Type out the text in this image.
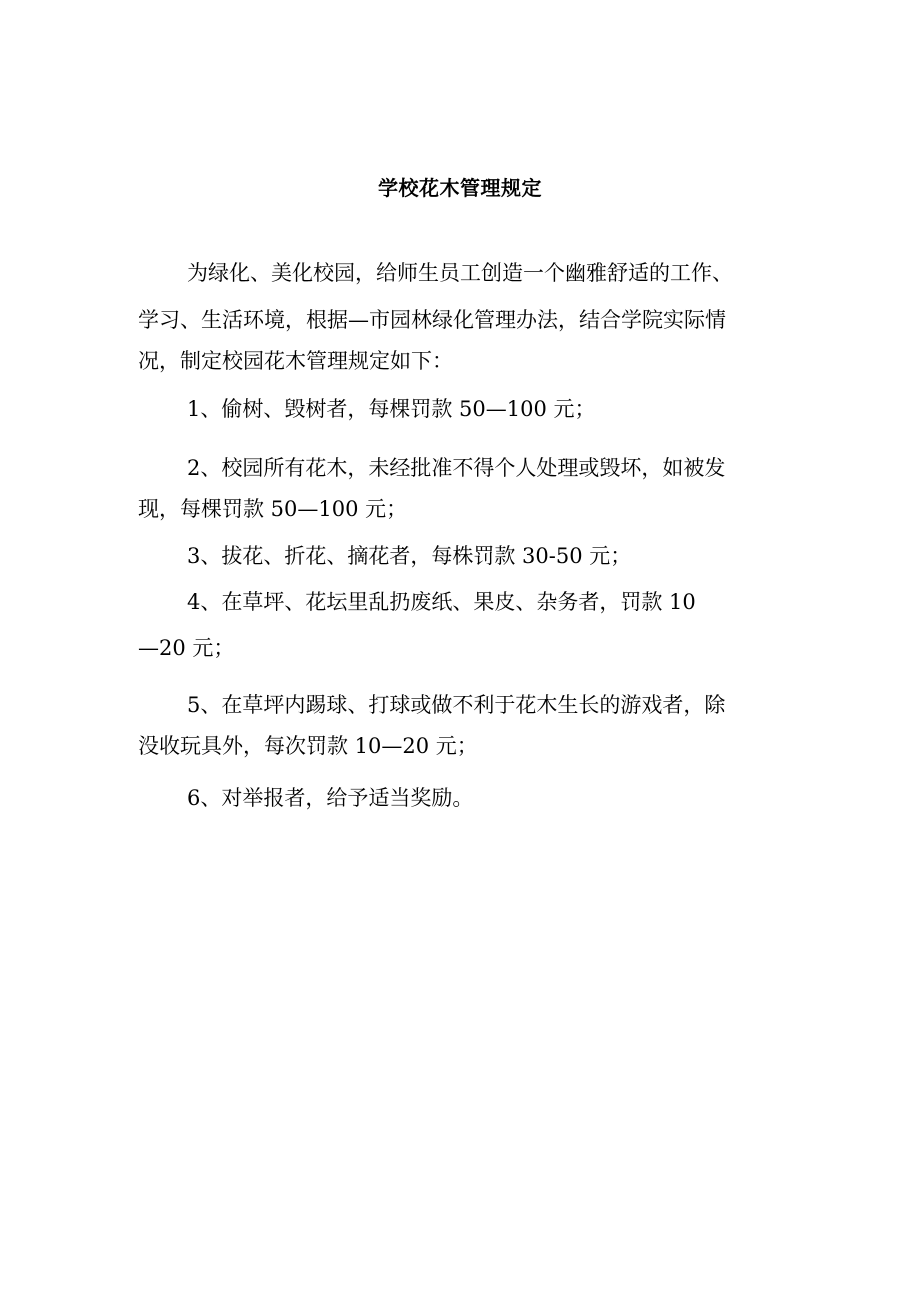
学校花木管理规定
为绿化、美化校园，给师生员工创造一个幽雅舒适的工作、
学习、生活环境，根据—市园林绿化管理办法，结合学院实际情
况，制定校园花木管理规定如下：
1、偷树、毁树者，每棵罚款 50—100 元；
2、校园所有花木，未经批准不得个人处理或毁坏，如被发
现，每棵罚款 50—100 元；
3、拔花、折花、摘花者，每株罚款 30-50 元；
4、在草坪、花坛里乱扔废纸、果皮、杂务者，罚款 10
—20 元；
5、在草坪内踢球、打球或做不利于花木生长的游戏者，除
没收玩具外，每次罚款 10—20 元；
6、对举报者，给予适当奖励。
